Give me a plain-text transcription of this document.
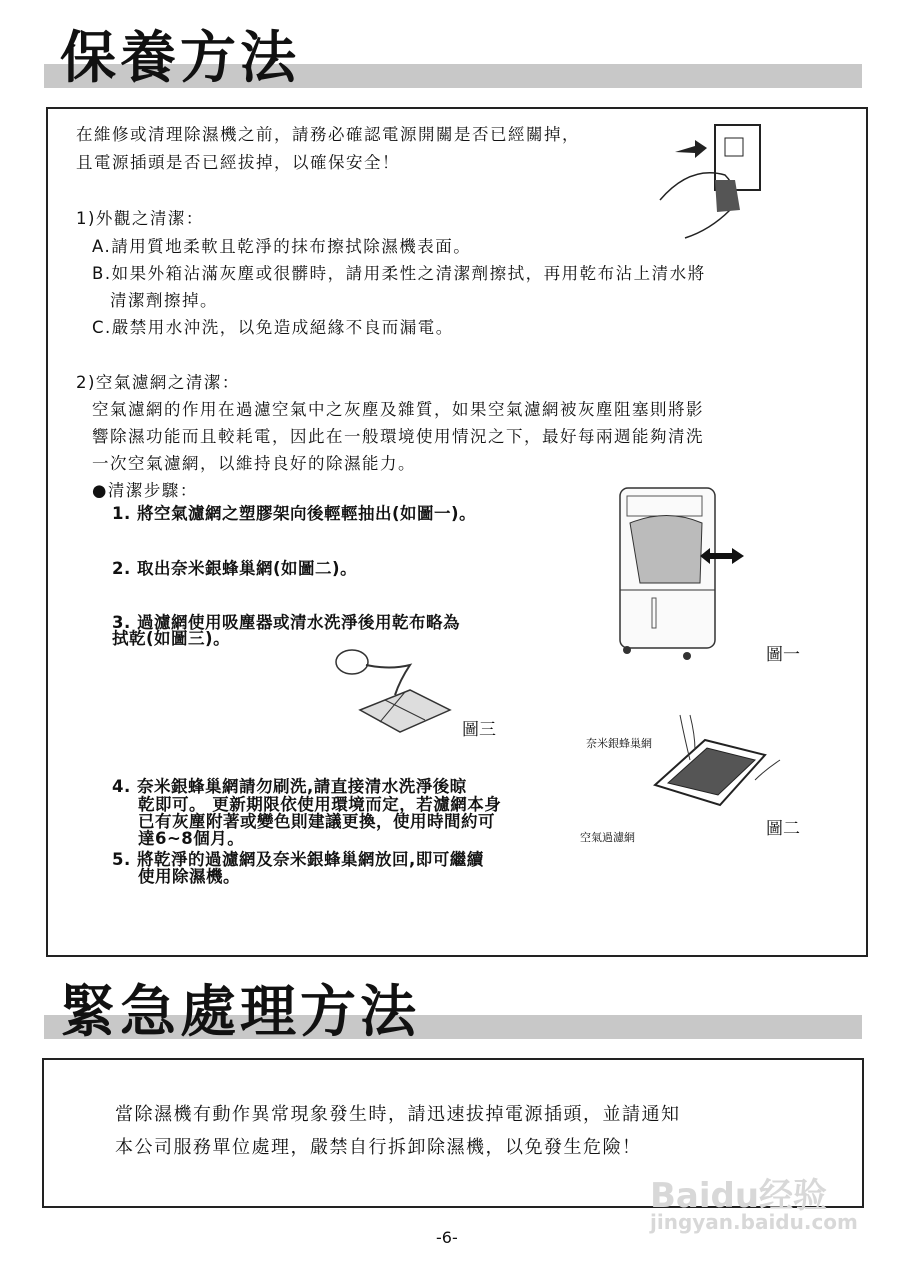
保養方法
在維修或清理除濕機之前，請務必確認電源開關是否已經關掉，
且電源插頭是否已經拔掉，以確保安全！
1)外觀之清潔：
A.請用質地柔軟且乾淨的抹布擦拭除濕機表面。
B.如果外箱沾滿灰塵或很髒時，請用柔性之清潔劑擦拭，再用乾布沾上清水將
清潔劑擦掉。
C.嚴禁用水沖洗，以免造成絕緣不良而漏電。
2)空氣濾網之清潔：
空氣濾網的作用在過濾空氣中之灰塵及雜質，如果空氣濾網被灰塵阻塞則將影
響除濕功能而且較耗電，因此在一般環境使用情況之下，最好每兩週能夠清洗
一次空氣濾網，以維持良好的除濕能力。
●清潔步驟：
1. 將空氣濾網之塑膠架向後輕輕抽出(如圖一)。
2. 取出奈米銀蜂巢網(如圖二)。
3. 過濾網使用吸塵器或清水洗淨後用乾布略為
拭乾(如圖三)。
4. 奈米銀蜂巢網請勿刷洗,請直接清水洗淨後晾
乾即可。 更新期限依使用環境而定，若濾網本身
已有灰塵附著或變色則建議更換，使用時間約可
達6~8個月。
5. 將乾淨的過濾網及奈米銀蜂巢網放回,即可繼續
使用除濕機。
圖一
圖三
奈米銀蜂巢網
空氣過濾網	圖二
緊急處理方法
當除濕機有動作異常現象發生時，請迅速拔掉電源插頭，並請通知
本公司服務單位處理，嚴禁自行拆卸除濕機，以免發生危險！
Baidu经验
jingyan.baidu.com
-6-
